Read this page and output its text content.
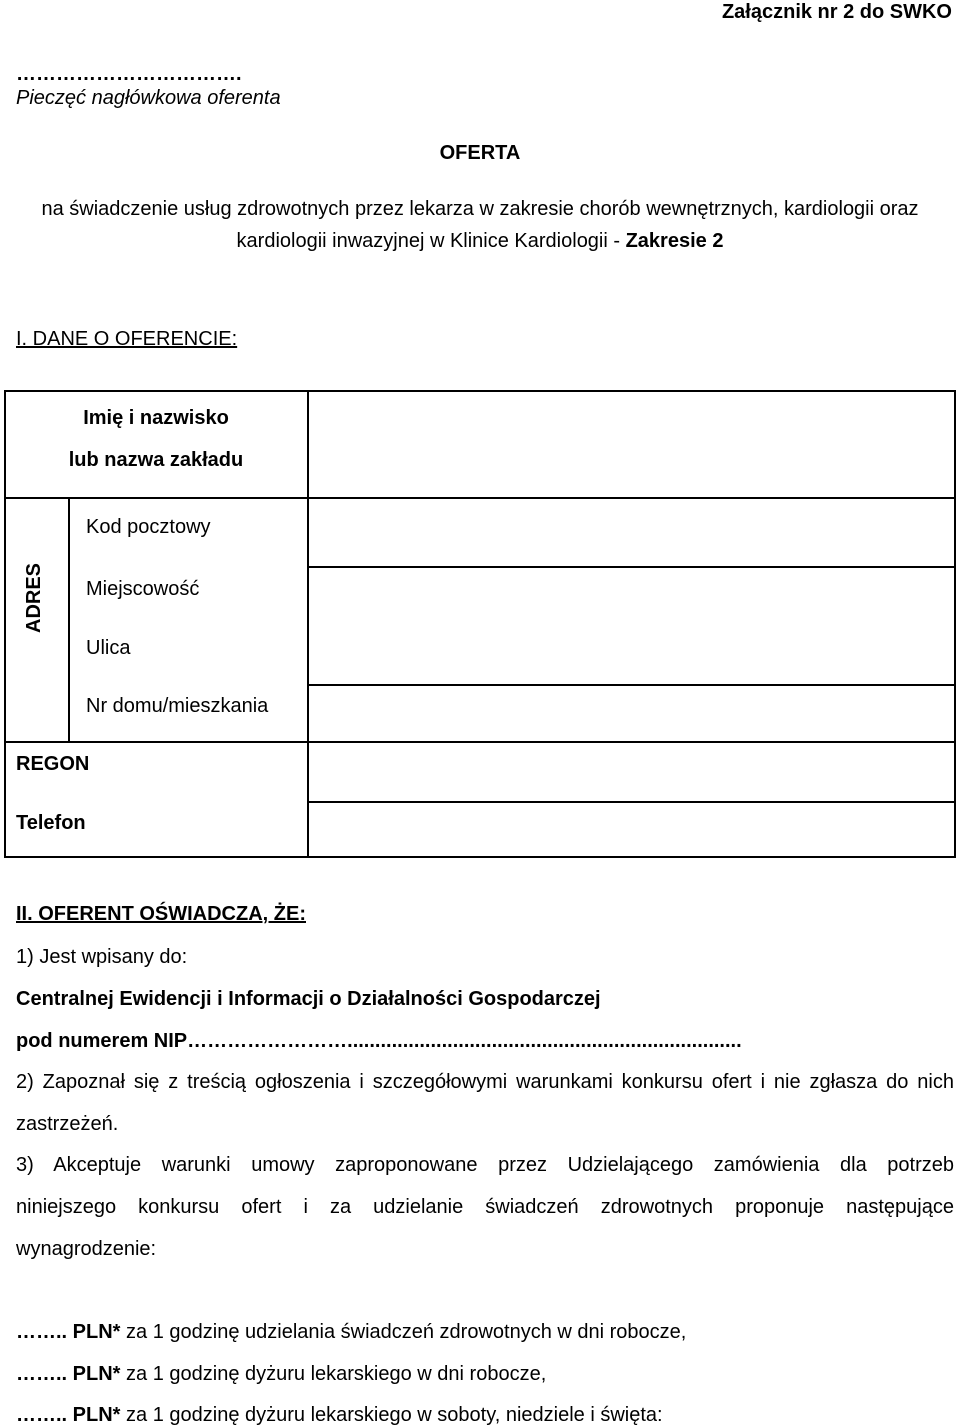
Załącznik nr 2 do SWKO
…………………………….
Pieczęć nagłówkowa oferenta
OFERTA
na świadczenie usług zdrowotnych przez lekarza w zakresie chorób wewnętrznych, kardiologii oraz
kardiologii inwazyjnej w Klinice Kardiologii - Zakresie 2
I. DANE O OFERENCIE:
Imię i nazwisko
lub nazwa zakładu
ADRES
Kod pocztowy
Miejscowość
Ulica
Nr domu/mieszkania
REGON
Telefon
II. OFERENT OŚWIADCZA, ŻE:
1) Jest wpisany do:
Centralnej Ewidencji i Informacji o Działalności Gospodarczej
pod numerem NIP…………………….......................................................................
2) Zapoznał się z treścią ogłoszenia i szczegółowymi warunkami konkursu ofert i nie zgłasza do nich
zastrzeżeń.
3) Akceptuje warunki umowy zaproponowane przez Udzielającego zamówienia dla potrzeb
niniejszego konkursu ofert i za udzielanie świadczeń zdrowotnych proponuje następujące
wynagrodzenie:
…….. PLN* za 1 godzinę udzielania świadczeń zdrowotnych w dni robocze,
…….. PLN* za 1 godzinę dyżuru lekarskiego w dni robocze,
…….. PLN* za 1 godzinę dyżuru lekarskiego w soboty, niedziele i święta:
